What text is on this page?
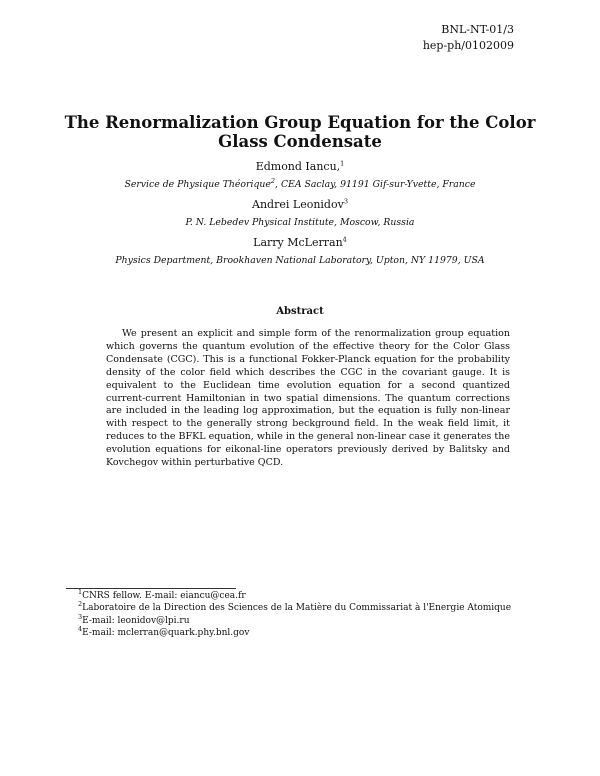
BNL-NT-01/3
hep-ph/0102009
The Renormalization Group Equation for the Color
Glass Condensate
Edmond Iancu,$^1$
Service de Physique Théorique$^2$, CEA Saclay, 91191 Gif-sur-Yvette, France
Andrei Leonidov$^3$
P. N. Lebedev Physical Institute, Moscow, Russia
Larry McLerran$^4$
Physics Department, Brookhaven National Laboratory, Upton, NY 11979, USA
Abstract

We present an explicit and simple form of the renormalization group equation which governs the quantum evolution of the effective theory for the Color Glass Condensate (CGC). This is a functional Fokker-Planck equation for the probability density of the color field which describes the CGC in the covariant gauge. It is equivalent to the Euclidean time evolution equation for a second quantized current-current Hamiltonian in two spatial dimensions. The quantum corrections are included in the leading log approximation, but the equation is fully non-linear with respect to the generally strong beckground field. In the weak field limit, it reduces to the BFKL equation, while in the general non-linear case it generates the evolution equations for eikonal-line operators previously derived by Balitsky and Kovchegov within perturbative QCD.

$^1$CNRS fellow. E-mail: eiancu@cea.fr
$^2$Laboratoire de la Direction des Sciences de la Matière du Commissariat à l'Energie Atomique
$^3$E-mail: leonidov@lpi.ru
$^4$E-mail: mclerran@quark.phy.bnl.gov
